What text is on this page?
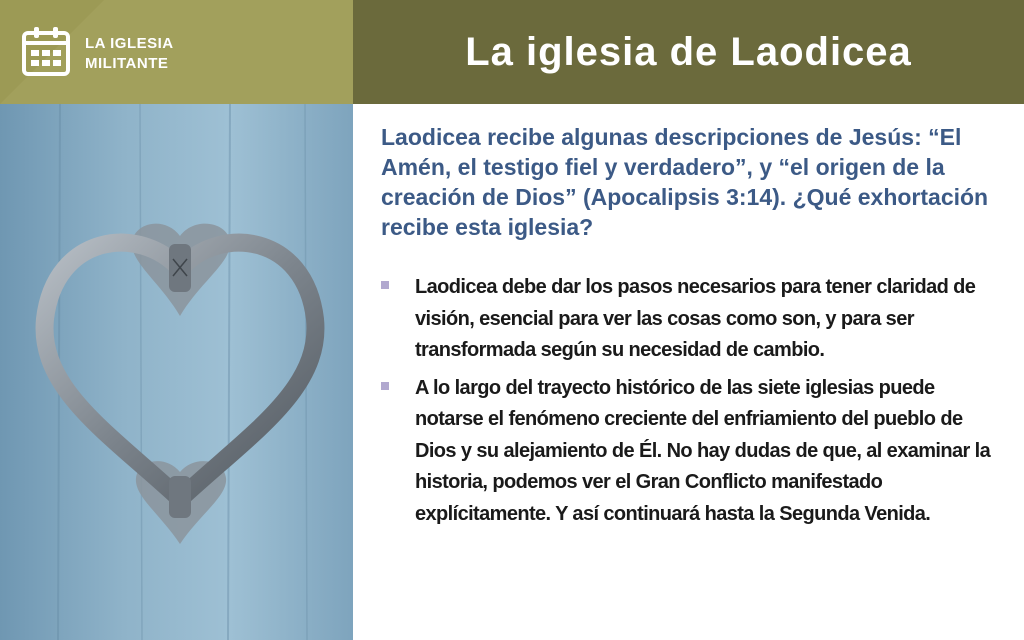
LA IGLESIA
MILITANTE	La iglesia de Laodicea
Laodicea recibe algunas descripciones de Jesús: “El Amén, el testigo fiel y verdadero”, y “el origen de la creación de Dios” (Apocalipsis 3:14). ¿Qué exhortación recibe esta iglesia?
Laodicea debe dar los pasos necesarios para tener claridad de visión, esencial para ver las cosas como son, y para ser transformada según su necesidad de cambio.
A lo largo del trayecto histórico de las siete iglesias puede notarse el fenómeno creciente del enfriamiento del pueblo de Dios y su alejamiento de Él. No hay dudas de que, al examinar la historia, podemos ver el Gran Conflicto manifestado explícitamente. Y así continuará hasta la Segunda Venida.
